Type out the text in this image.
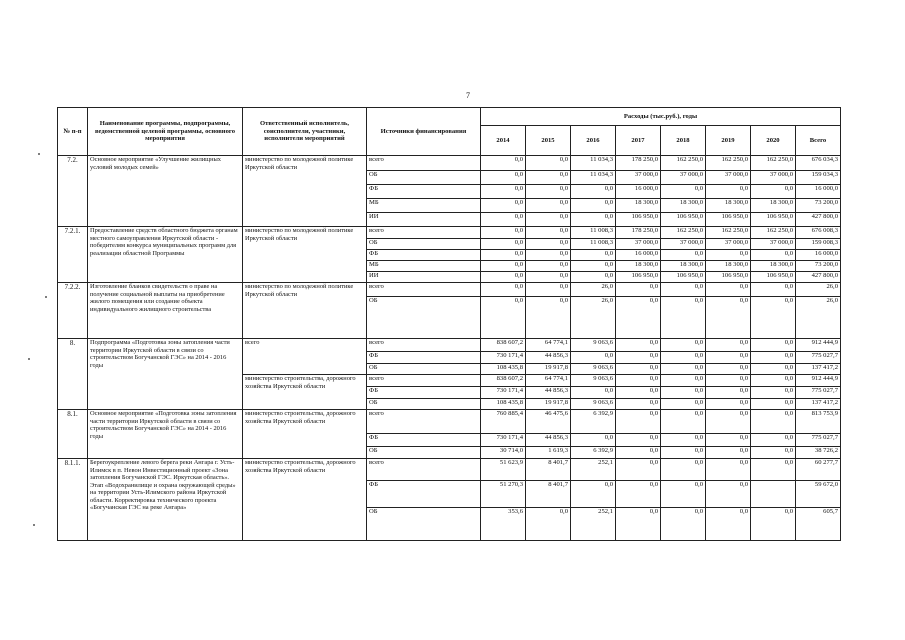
7
№ п-п	Наименование программы, подпрограммы, ведомственной целевой программы, основного мероприятия	Ответственный исполнитель, соисполнители, участники, исполнители мероприятий	Источники финансирования	Расходы (тыс.руб.), годы							
				2014	2015	2016	2017	2018	2019	2020	Всего
7.2.	Основное мероприятие «Улучшение жилищных условий молодых семей»	министерство по молодежной политике Иркутской области	всего	0,0	0,0	11 034,3	178 250,0	162 250,0	162 250,0	162 250,0	676 034,3
			ОБ	0,0	0,0	11 034,3	37 000,0	37 000,0	37 000,0	37 000,0	159 034,3
			ФБ	0,0	0,0	0,0	16 000,0	0,0	0,0	0,0	16 000,0
			МБ	0,0	0,0	0,0	18 300,0	18 300,0	18 300,0	18 300,0	73 200,0
			ИИ	0,0	0,0	0,0	106 950,0	106 950,0	106 950,0	106 950,0	427 800,0
7.2.1.	Предоставление средств областного бюджета органам местного самоуправления Иркутской области - победителям конкурса муниципальных программ для реализации областной Программы	министерство по молодежной политике Иркутской области	всего	0,0	0,0	11 008,3	178 250,0	162 250,0	162 250,0	162 250,0	676 008,3
			ОБ	0,0	0,0	11 008,3	37 000,0	37 000,0	37 000,0	37 000,0	159 008,3
			ФБ	0,0	0,0	0,0	16 000,0	0,0	0,0	0,0	16 000,0
			МБ	0,0	0,0	0,0	18 300,0	18 300,0	18 300,0	18 300,0	73 200,0
			ИИ	0,0	0,0	0,0	106 950,0	106 950,0	106 950,0	106 950,0	427 800,0
7.2.2.	Изготовление бланков свидетельств о праве на получение социальной выплаты на приобретение жилого помещения или создание объекта индивидуального жилищного строительства	министерство по молодежной политике Иркутской области	всего	0,0	0,0	26,0	0,0	0,0	0,0	0,0	26,0
			ОБ	0,0	0,0	26,0	0,0	0,0	0,0	0,0	26,0
8.	Подпрограмма «Подготовка зоны затопления части территории Иркутской области в связи со строительством Богучанской ГЭС» на 2014 - 2016 годы	всего	всего	838 607,2	64 774,1	9 063,6	0,0	0,0	0,0	0,0	912 444,9
			ФБ	730 171,4	44 856,3	0,0	0,0	0,0	0,0	0,0	775 027,7
			ОБ	108 435,8	19 917,8	9 063,6	0,0	0,0	0,0	0,0	137 417,2
		министерство строительства, дорожного хозяйства Иркутской области	всего	838 607,2	64 774,1	9 063,6	0,0	0,0	0,0	0,0	912 444,9
			ФБ	730 171,4	44 856,3	0,0	0,0	0,0	0,0	0,0	775 027,7
			ОБ	108 435,8	19 917,8	9 063,6	0,0	0,0	0,0	0,0	137 417,2
8.1.	Основное мероприятие «Подготовка зоны затопления части территории Иркутской области в связи со строительством Богучанской ГЭС» на 2014 - 2016 годы	министерство строительства, дорожного хозяйства Иркутской области	всего	760 885,4	46 475,6	6 392,9	0,0	0,0	0,0	0,0	813 753,9
			ФБ	730 171,4	44 856,3	0,0	0,0	0,0	0,0	0,0	775 027,7
			ОБ	30 714,0	1 619,3	6 392,9	0,0	0,0	0,0	0,0	38 726,2
8.1.1.	Берегоукрепление левого берега реки Ангара г. Усть-Илимск в п. Невон Инвестиционный проект «Зона затопления Богучанской ГЭС. Иркутская область». Этап «Водохранилище и охрана окружающей среды» на территории Усть-Илимского района Иркутской области. Корректировка технического проекта «Богучанская ГЭС на реке Ангара»	министерство строительства, дорожного хозяйства Иркутской области	всего	51 623,9	8 401,7	252,1	0,0	0,0	0,0	0,0	60 277,7
			ФБ	51 270,3	8 401,7	0,0	0,0	0,0	0,0		59 672,0
			ОБ	353,6	0,0	252,1	0,0	0,0	0,0	0,0	605,7
